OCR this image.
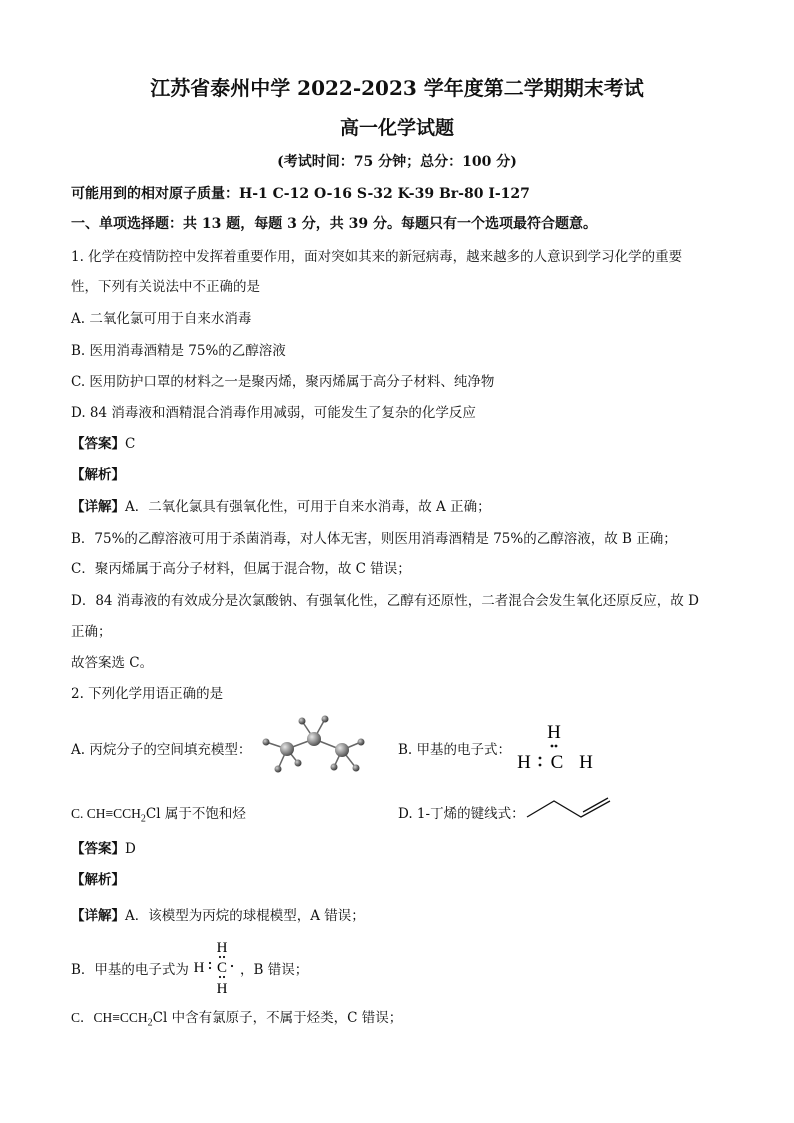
江苏省泰州中学 2022-2023 学年度第二学期期末考试
高一化学试题
(考试时间：75 分钟；总分：100 分)
可能用到的相对原子质量：H-1 C-12 O-16 S-32 K-39 Br-80 I-127
一、单项选择题：共 13 题，每题 3 分，共 39 分。每题只有一个选项最符合题意。
1. 化学在疫情防控中发挥着重要作用，面对突如其来的新冠病毒，越来越多的人意识到学习化学的重要
性，下列有关说法中不正确的是
A. 二氧化氯可用于自来水消毒
B. 医用消毒酒精是 75%的乙醇溶液
C. 医用防护口罩的材料之一是聚丙烯，聚丙烯属于高分子材料、纯净物
D. 84 消毒液和酒精混合消毒作用减弱，可能发生了复杂的化学反应
【答案】C
【解析】
【详解】A．二氧化氯具有强氧化性，可用于自来水消毒，故 A 正确；
B．75%的乙醇溶液可用于杀菌消毒，对人体无害，则医用消毒酒精是 75%的乙醇溶液，故 B 正确；
C．聚丙烯属于高分子材料，但属于混合物，故 C 错误；
D．84 消毒液的有效成分是次氯酸钠、有强氧化性，乙醇有还原性，二者混合会发生氧化还原反应，故 D
正确；
故答案选 C。
2. 下列化学用语正确的是
A. 丙烷分子的空间填充模型：	B. 甲基的电子式：
H
H C H
C. $CH\equiv CCH_2Cl$ 属于不饱和烃	D. 1-丁烯的键线式：
【答案】D
【解析】
【详解】A．该模型为丙烷的球棍模型，A 错误；
B．甲基的电子式为
H
H C
H
，B 错误；
C．$CH\equiv CCH_2Cl$ 中含有氯原子，不属于烃类，C 错误；
